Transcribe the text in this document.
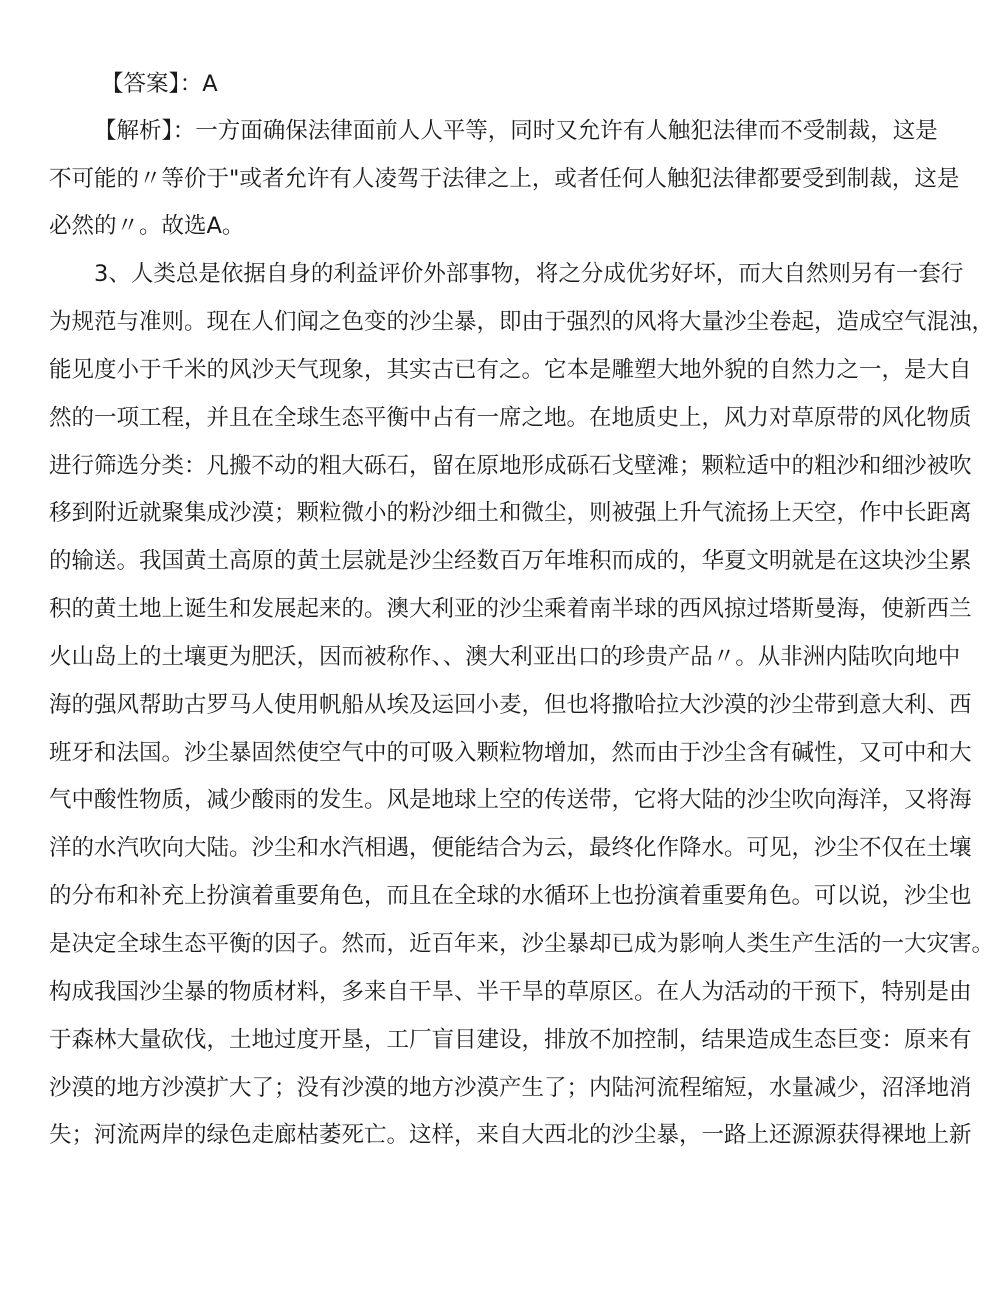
【答案】：A
【解析】：一方面确保法律面前人人平等，同时又允许有人触犯法律而不受制裁，这是
不可能的〃等价于"或者允许有人凌驾于法律之上，或者任何人触犯法律都要受到制裁，这是
必然的〃。故选A。
3、人类总是依据自身的利益评价外部事物，将之分成优劣好坏，而大自然则另有一套行
为规范与准则。现在人们闻之色变的沙尘暴，即由于强烈的风将大量沙尘卷起，造成空气混浊，
能见度小于千米的风沙天气现象，其实古已有之。它本是雕塑大地外貌的自然力之一，是大自
然的一项工程，并且在全球生态平衡中占有一席之地。在地质史上，风力对草原带的风化物质
进行筛选分类：凡搬不动的粗大砾石，留在原地形成砾石戈壁滩；颗粒适中的粗沙和细沙被吹
移到附近就聚集成沙漠；颗粒微小的粉沙细土和微尘，则被强上升气流扬上天空，作中长距离
的输送。我国黄土高原的黄土层就是沙尘经数百万年堆积而成的，华夏文明就是在这块沙尘累
积的黄土地上诞生和发展起来的。澳大利亚的沙尘乘着南半球的西风掠过塔斯曼海，使新西兰
火山岛上的土壤更为肥沃，因而被称作、、澳大利亚出口的珍贵产品〃。从非洲内陆吹向地中
海的强风帮助古罗马人使用帆船从埃及运回小麦，但也将撒哈拉大沙漠的沙尘带到意大利、西
班牙和法国。沙尘暴固然使空气中的可吸入颗粒物增加，然而由于沙尘含有碱性，又可中和大
气中酸性物质，减少酸雨的发生。风是地球上空的传送带，它将大陆的沙尘吹向海洋，又将海
洋的水汽吹向大陆。沙尘和水汽相遇，便能结合为云，最终化作降水。可见，沙尘不仅在土壤
的分布和补充上扮演着重要角色，而且在全球的水循环上也扮演着重要角色。可以说，沙尘也
是决定全球生态平衡的因子。然而，近百年来，沙尘暴却已成为影响人类生产生活的一大灾害。
构成我国沙尘暴的物质材料，多来自干旱、半干旱的草原区。在人为活动的干预下，特别是由
于森林大量砍伐，土地过度开垦，工厂盲目建设，排放不加控制，结果造成生态巨变：原来有
沙漠的地方沙漠扩大了；没有沙漠的地方沙漠产生了；内陆河流程缩短，水量减少，沼泽地消
失；河流两岸的绿色走廊枯萎死亡。这样，来自大西北的沙尘暴，一路上还源源获得裸地上新
